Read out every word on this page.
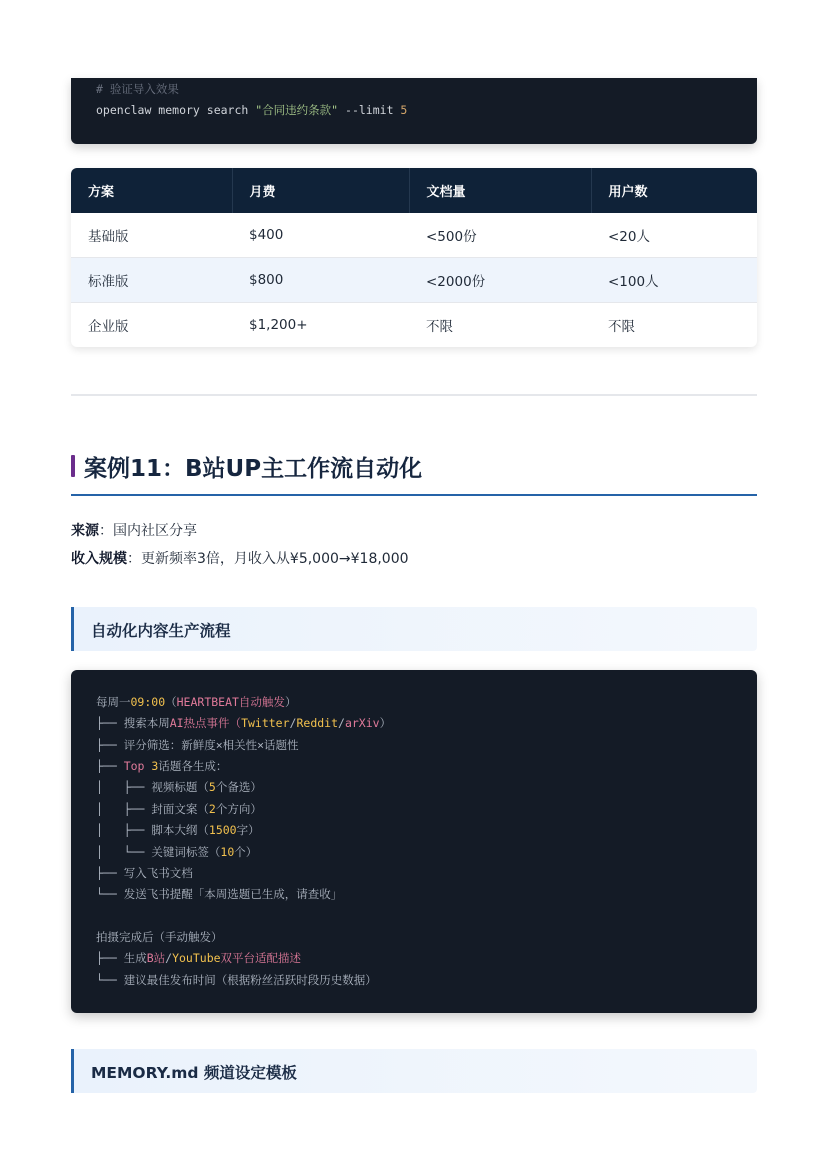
# 验证导入效果
openclaw memory search "合同违约条款" --limit 5
方案	月费	文档量	用户数
基础版	$400	<500份	<20人
标准版	$800	<2000份	<100人
企业版	$1,200+	不限	不限
案例11：B站UP主工作流自动化
来源：国内社区分享
收入规模：更新频率3倍，月收入从¥5,000→¥18,000
自动化内容生产流程
每周一09:00（HEARTBEAT自动触发）
├── 搜索本周AI热点事件（Twitter/Reddit/arXiv）
├── 评分筛选：新鲜度×相关性×话题性
├── Top 3话题各生成：
│   ├── 视频标题（5个备选）
│   ├── 封面文案（2个方向）
│   ├── 脚本大纲（1500字）
│   └── 关键词标签（10个）
├── 写入飞书文档
└── 发送飞书提醒「本周选题已生成，请查收」
拍摄完成后（手动触发）
├── 生成B站/YouTube双平台适配描述
└── 建议最佳发布时间（根据粉丝活跃时段历史数据）
MEMORY.md 频道设定模板
